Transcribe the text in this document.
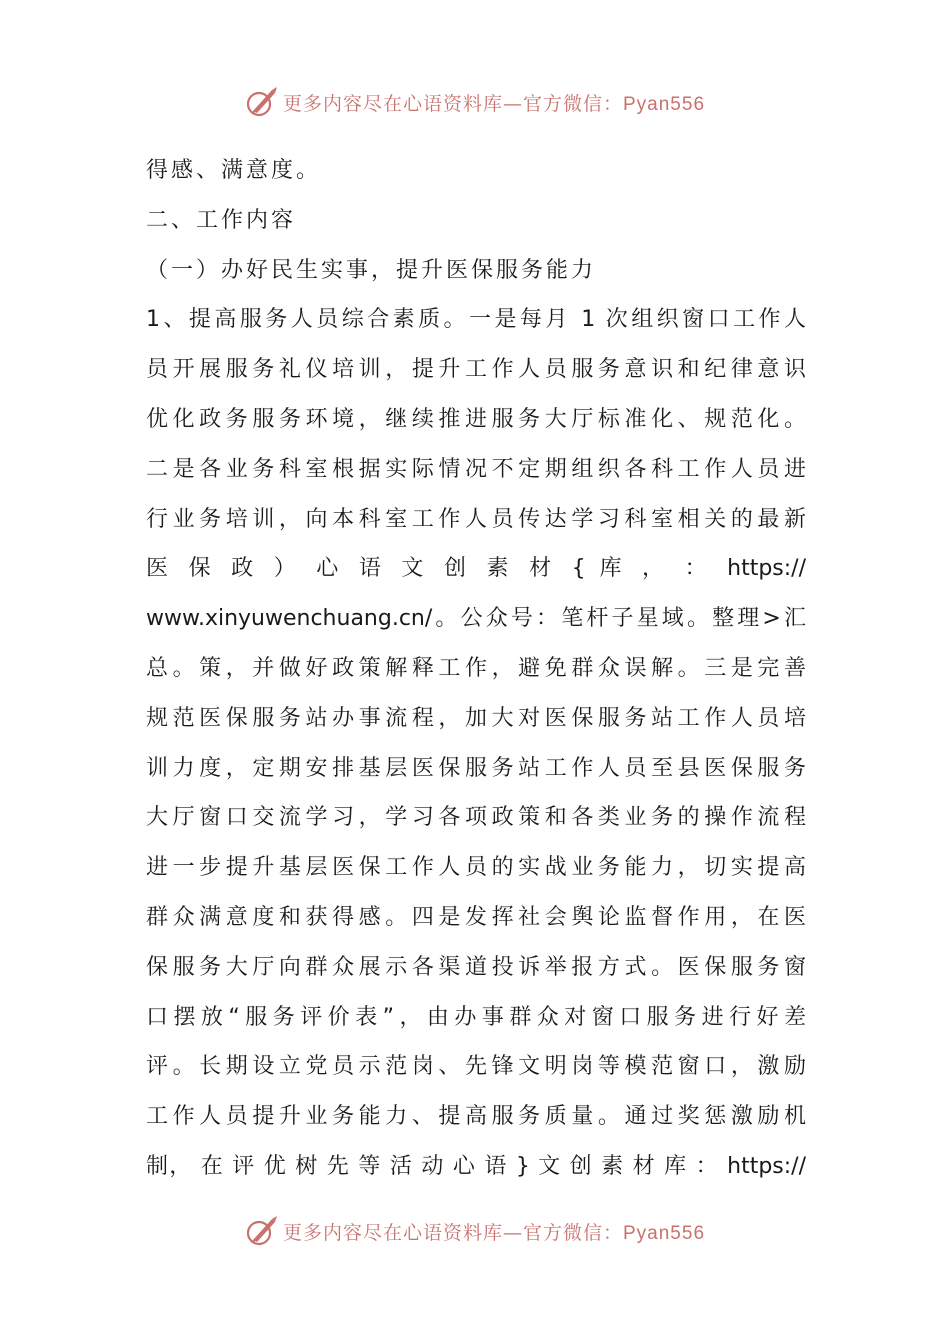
更多内容尽在心语资料库—官方微信：Pyan556
得感、满意度。
二、工作内容
（一）办好民生实事，提升医保服务能力
1、提高服务人员综合素质。一是每月 1 次组织窗口工作人
员开展服务礼仪培训，提升工作人员服务意识和纪律意识
优化政务服务环境，继续推进服务大厅标准化、规范化。
二是各业务科室根据实际情况不定期组织各科工作人员进
行业务培训，向本科室工作人员传达学习科室相关的最新
医 保 政 ） 心 语 文 创 素 材 { 库 ， ： https://
www.xinyuwenchuang.cn/。公众号：笔杆子星域。整理>汇
总。策，并做好政策解释工作，避免群众误解。三是完善
规范医保服务站办事流程，加大对医保服务站工作人员培
训力度，定期安排基层医保服务站工作人员至县医保服务
大厅窗口交流学习，学习各项政策和各类业务的操作流程
进一步提升基层医保工作人员的实战业务能力，切实提高
群众满意度和获得感。四是发挥社会舆论监督作用，在医
保服务大厅向群众展示各渠道投诉举报方式。医保服务窗
口摆放“服务评价表”，由办事群众对窗口服务进行好差
评。长期设立党员示范岗、先锋文明岗等模范窗口，激励
工作人员提升业务能力、提高服务质量。通过奖惩激励机
制， 在 评 优 树 先 等 活 动 心 语 } 文 创 素 材 库 ： https://
更多内容尽在心语资料库—官方微信：Pyan556
